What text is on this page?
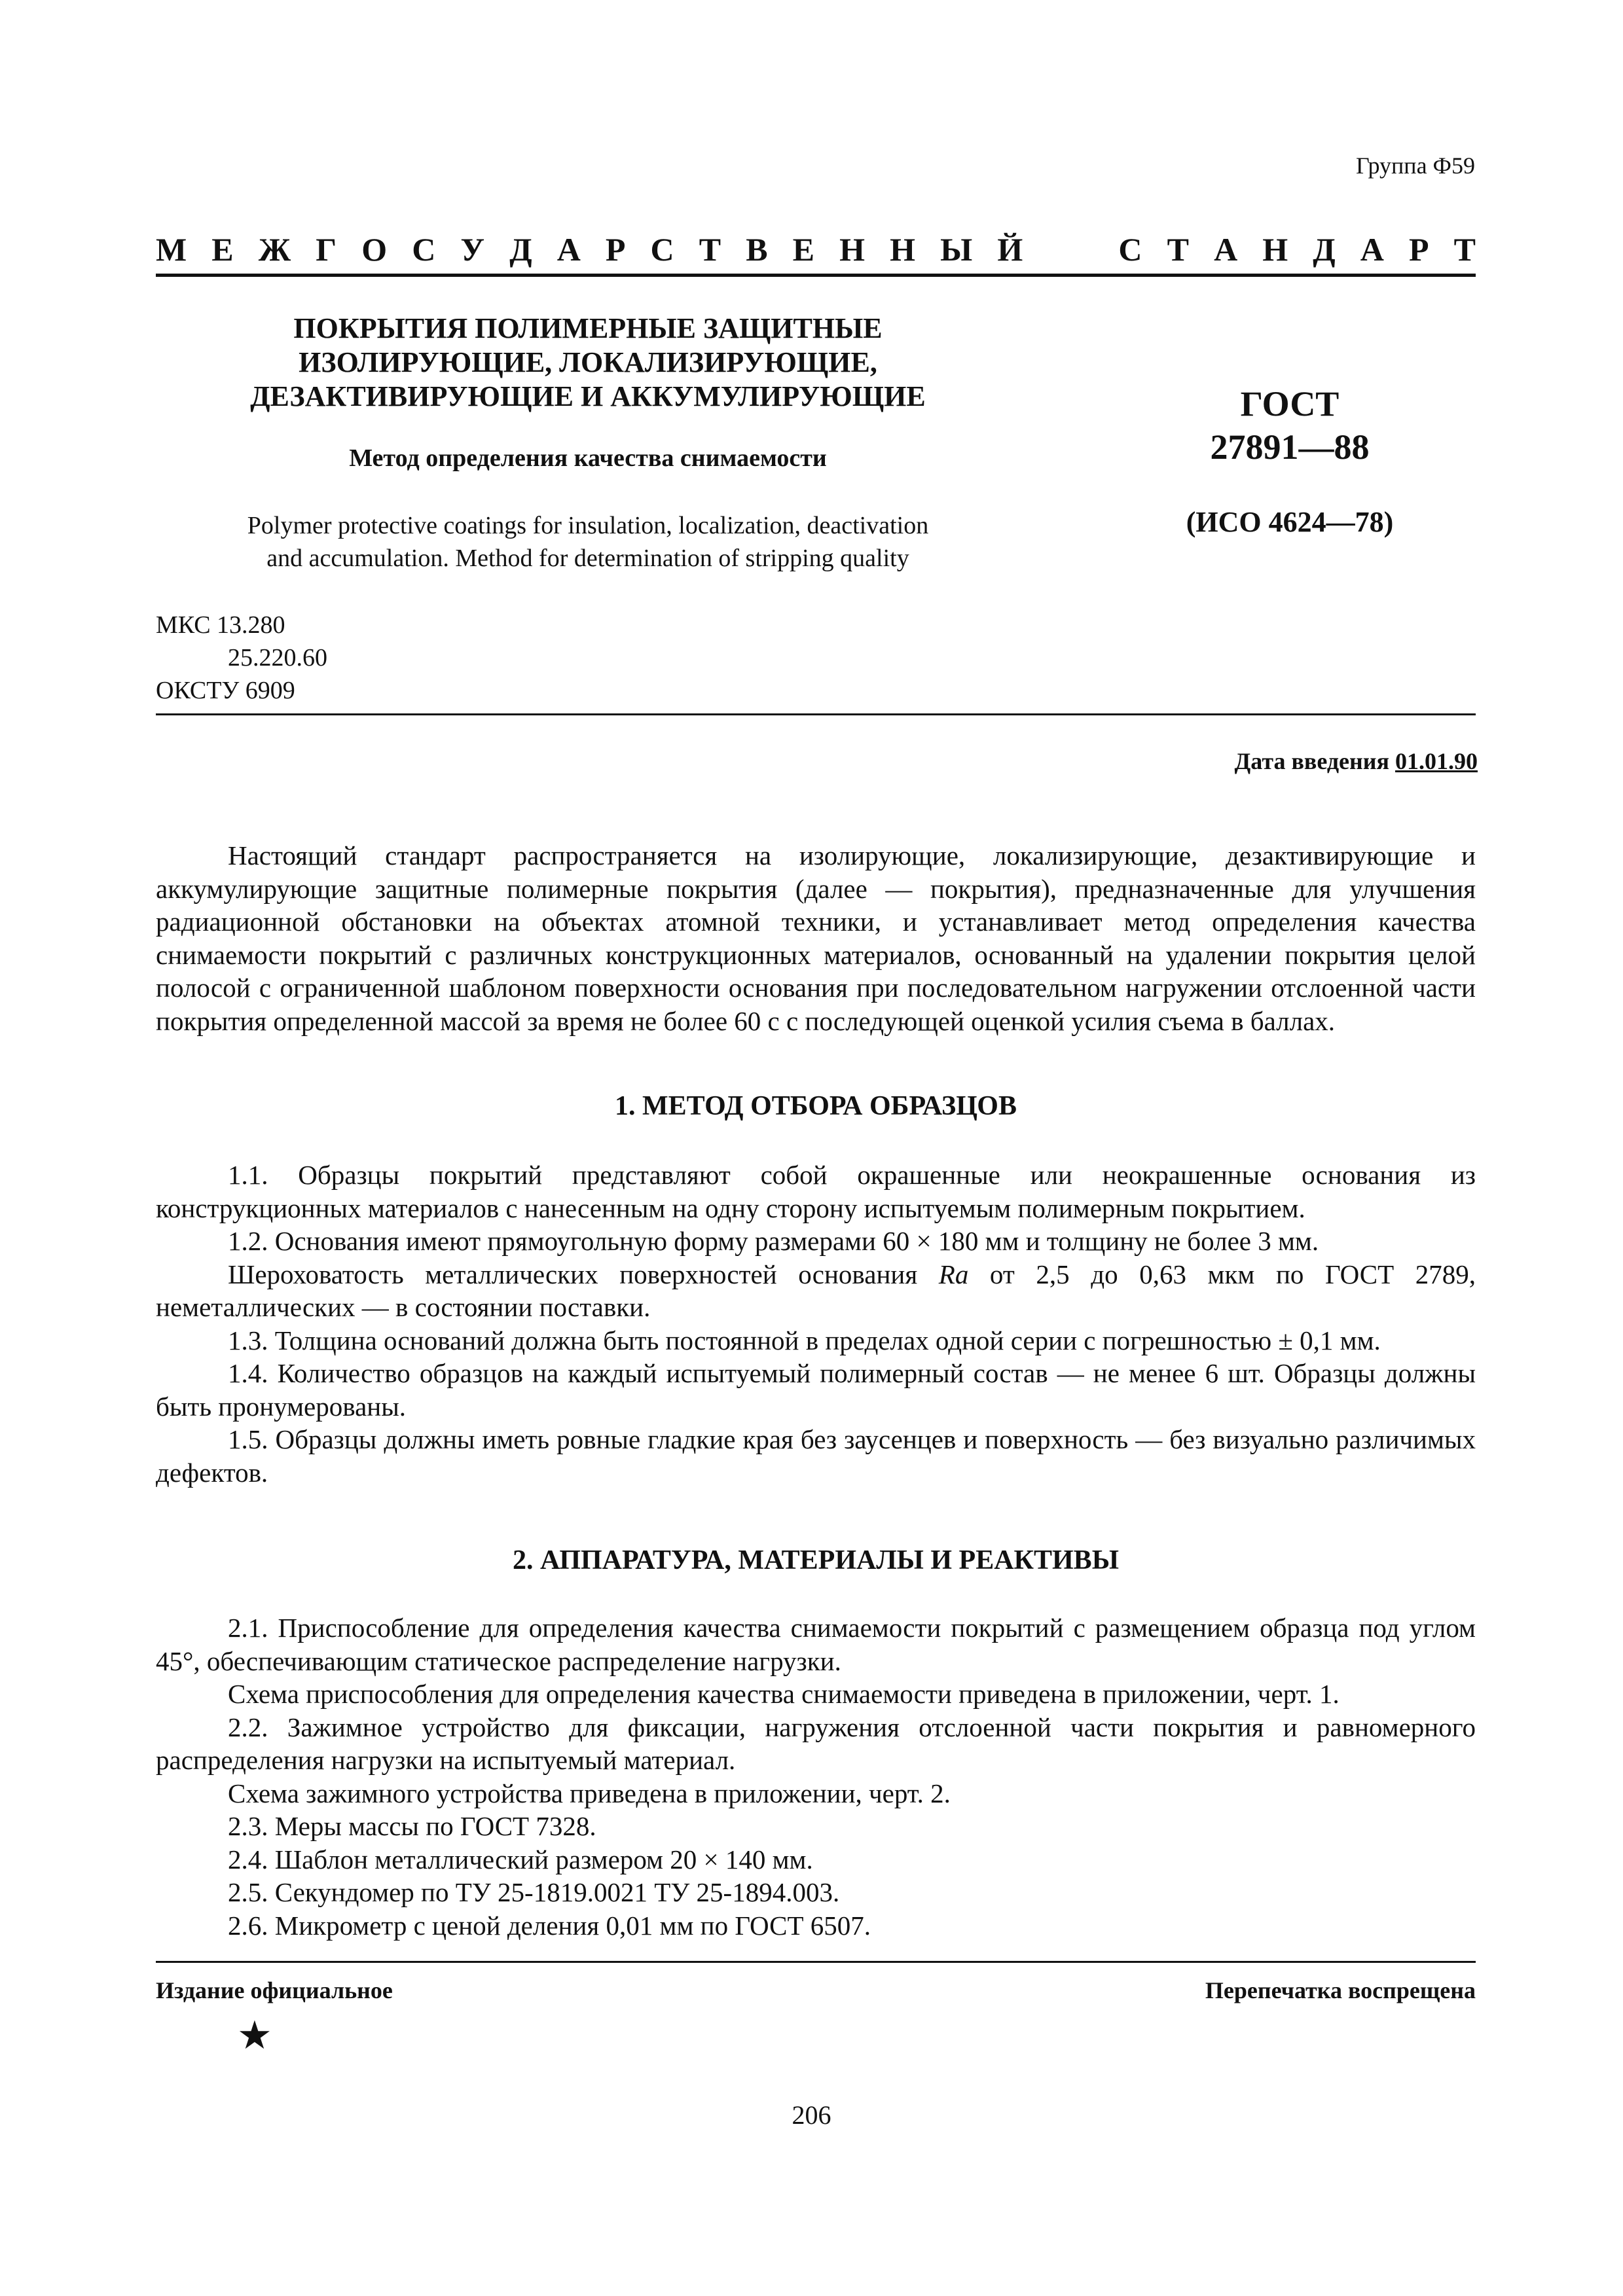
Группа Ф59
М Е Ж Г О С У Д А Р С Т В Е Н Н Ы Й	С Т А Н Д А Р Т
ПОКРЫТИЯ ПОЛИМЕРНЫЕ ЗАЩИТНЫЕ
ИЗОЛИРУЮЩИЕ, ЛОКАЛИЗИРУЮЩИЕ,
ДЕЗАКТИВИРУЮЩИЕ И АККУМУЛИРУЮЩИЕ
Метод определения качества снимаемости
Polymer protective coatings for insulation, localization, deactivation
and accumulation. Method for determination of stripping quality
ГОСТ
27891—88
(ИСО 4624—78)
МКС 13.280
25.220.60
ОКСТУ 6909
Дата введения 01.01.90

Настоящий стандарт распространяется на изолирующие, локализирующие, дезактивирующие и аккумулирующие защитные полимерные покрытия (далее — покрытия), предназначенные для улучшения радиационной обстановки на объектах атомной техники, и устанавливает метод определения качества снимаемости покрытий с различных конструкционных материалов, основанный на удалении покрытия целой полосой с ограниченной шаблоном поверхности основания при последовательном нагружении отслоенной части покрытия определенной массой за время не более 60 с с последующей оценкой усилия съема в баллах.

1. МЕТОД ОТБОРА ОБРАЗЦОВ

1.1. Образцы покрытий представляют собой окрашенные или неокрашенные основания из конструкционных материалов с нанесенным на одну сторону испытуемым полимерным покрытием.

1.2. Основания имеют прямоугольную форму размерами 60 × 180 мм и толщину не более 3 мм.

Шероховатость металлических поверхностей основания Ra от 2,5 до 0,63 мкм по ГОСТ 2789, неметаллических — в состоянии поставки.

1.3. Толщина оснований должна быть постоянной в пределах одной серии с погрешностью ± 0,1 мм.

1.4. Количество образцов на каждый испытуемый полимерный состав — не менее 6 шт. Образцы должны быть пронумерованы.

1.5. Образцы должны иметь ровные гладкие края без заусенцев и поверхность — без визуально различимых дефектов.

2. АППАРАТУРА, МАТЕРИАЛЫ И РЕАКТИВЫ

2.1. Приспособление для определения качества снимаемости покрытий с размещением образца под углом 45°, обеспечивающим статическое распределение нагрузки.

Схема приспособления для определения качества снимаемости приведена в приложении, черт. 1.

2.2. Зажимное устройство для фиксации, нагружения отслоенной части покрытия и равномерного распределения нагрузки на испытуемый материал.

Схема зажимного устройства приведена в приложении, черт. 2.

2.3. Меры массы по ГОСТ 7328.

2.4. Шаблон металлический размером 20 × 140 мм.

2.5. Секундомер по ТУ 25-1819.0021 ТУ 25-1894.003.

2.6. Микрометр с ценой деления 0,01 мм по ГОСТ 6507.

Издание официальное	Перепечатка воспрещена
★
206
